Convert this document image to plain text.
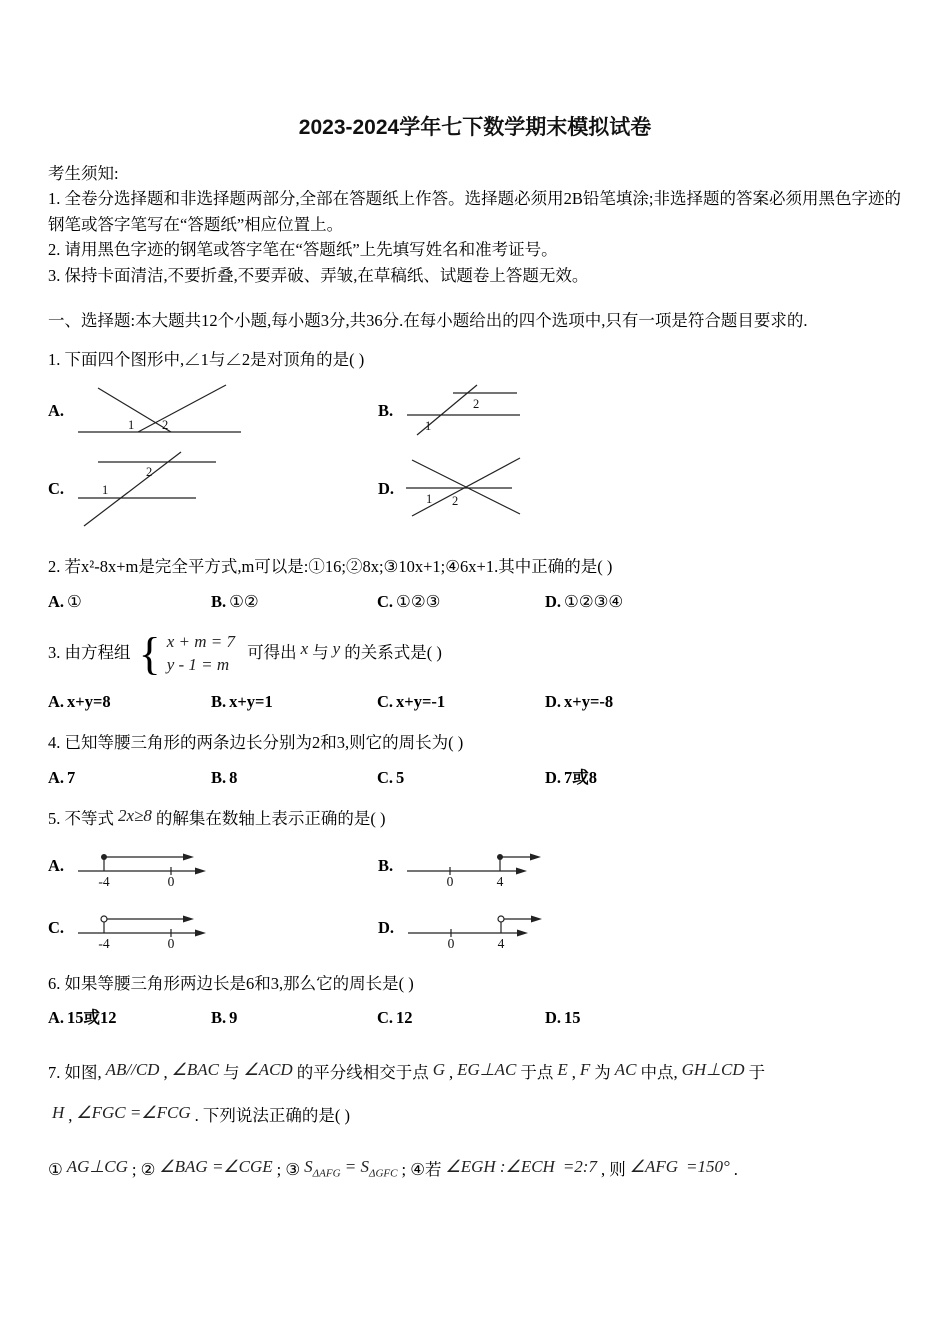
2023-2024学年七下数学期末模拟试卷

考生须知:

1. 全卷分选择题和非选择题两部分,全部在答题纸上作答。选择题必须用2B铅笔填涂;非选择题的答案必须用黑色字迹的钢笔或答字笔写在“答题纸”相应位置上。

2. 请用黑色字迹的钢笔或答字笔在“答题纸”上先填写姓名和准考证号。

3. 保持卡面清洁,不要折叠,不要弄破、弄皱,在草稿纸、试题卷上答题无效。

一、选择题:本大题共12个小题,每小题3分,共36分.在每小题给出的四个选项中,只有一项是符合题目要求的.

1. 下面四个图形中,∠1与∠2是对顶角的是( )

A.
1 2
B.
1
2
C.	1
2
D.
1 2

2. 若x²-8x+m是完全平方式,m可以是:①16;②8x;③10x+1;④6x+1.其中正确的是( )

A. ①	B. ①②	C. ①②③	D. ①②③④
3. 由方程组 { x + m = 7
y - 1 = m
可得出 x 与 y 的关系式是( )
A. x+y=8	B. x+y=1	C. x+y=-1	D. x+y=-8

4. 已知等腰三角形的两条边长分别为2和3,则它的周长为( )

A. 7	B. 8	C. 5	D. 7或8

5. 不等式 2x≥8 的解集在数轴上表示正确的是( )

A.
-4	0
B.
0	4
C.
-4	0
D.
0	4

6. 如果等腰三角形两边长是6和3,那么它的周长是( )

A. 15或12	B. 9	C. 12	D. 15
7. 如图, AB//CD , ∠BAC 与 ∠ACD 的平分线相交于点 G , EG⊥AC 于点 E , F 为 AC 中点, GH⊥CD 于
H , ∠FGC =∠FCG . 下列说法正确的是( )
① AG⊥CG ; ② ∠BAG =∠CGE ; ③ $S_{\Delta AFG} = S_{\Delta GFC}$ ; ④若 ∠EGH :∠ECH =2:7 , 则 ∠AFG =150° .
